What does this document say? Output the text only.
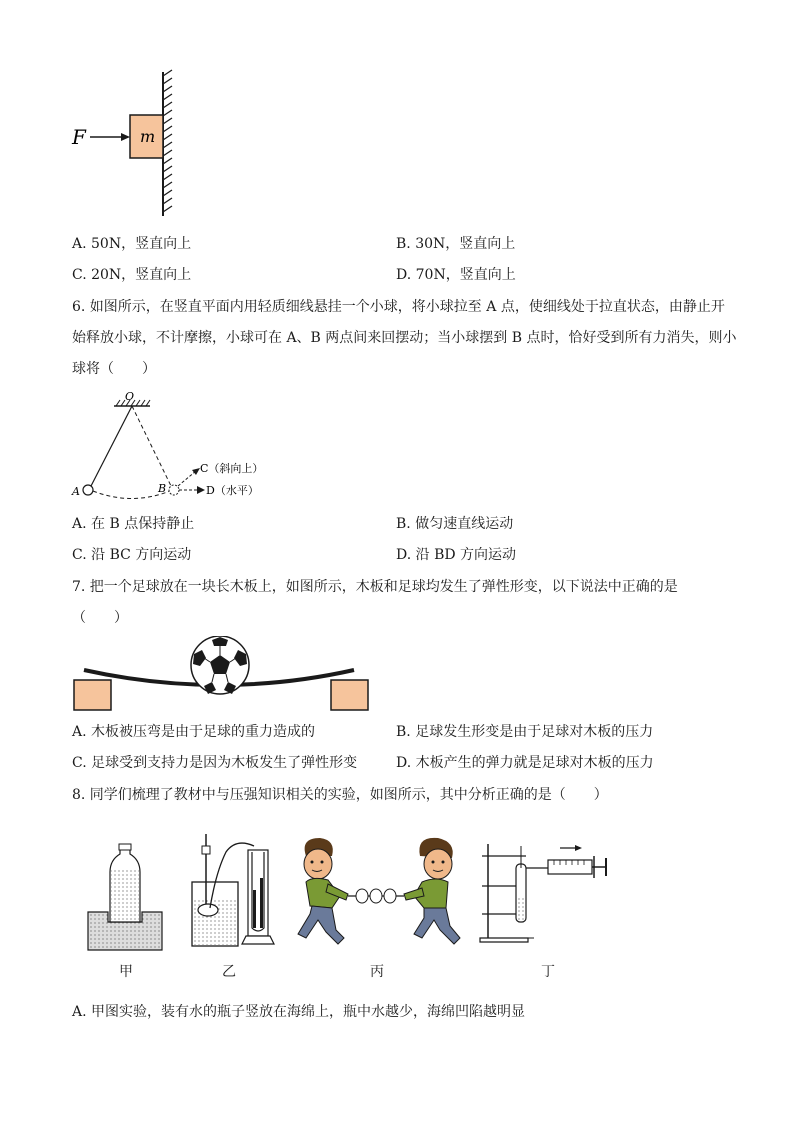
m
F
A. 50N，竖直向上	B. 30N，竖直向上
C. 20N，竖直向上	D. 70N，竖直向上
6. 如图所示，在竖直平面内用轻质细线悬挂一个小球，将小球拉至 A 点，使细线处于拉直状态，由静止开
始释放小球，不计摩擦，小球可在 A、B 两点间来回摆动；当小球摆到 B 点时，恰好受到所有力消失，则小
球将（　　）
O
A	B
C（斜向上）
D（水平）
A. 在 B 点保持静止	B. 做匀速直线运动
C. 沿 BC 方向运动	D. 沿 BD 方向运动
7. 把一个足球放在一块长木板上，如图所示，木板和足球均发生了弹性形变，以下说法中正确的是
（　　）
A. 木板被压弯是由于足球的重力造成的	B. 足球发生形变是由于足球对木板的压力
C. 足球受到支持力是因为木板发生了弹性形变	D. 木板产生的弹力就是足球对木板的压力
8. 同学们梳理了教材中与压强知识相关的实验，如图所示，其中分析正确的是（　　）
甲	乙	丙	丁
A. 甲图实验，装有水的瓶子竖放在海绵上，瓶中水越少，海绵凹陷越明显
